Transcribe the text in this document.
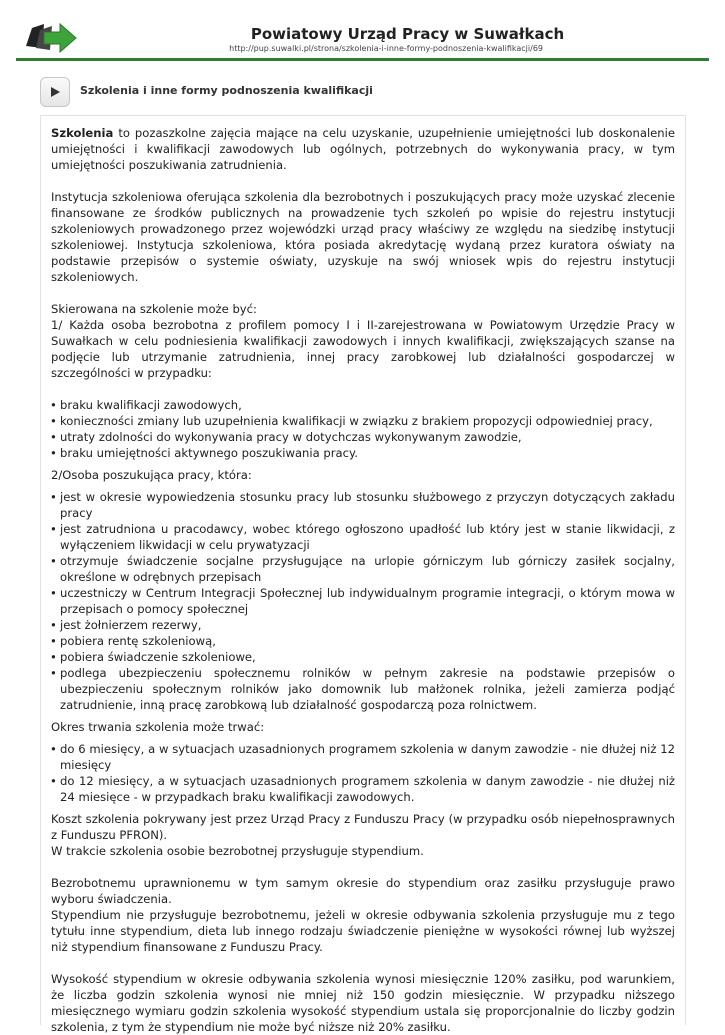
Powiatowy Urząd Pracy w Suwałkach
http://pup.suwalki.pl/strona/szkolenia-i-inne-formy-podnoszenia-kwalifikacji/69
Szkolenia i inne formy podnoszenia kwalifikacji

Szkolenia to pozaszkolne zajęcia mające na celu uzyskanie, uzupełnienie umiejętności lub doskonalenie umiejętności i kwalifikacji zawodowych lub ogólnych, potrzebnych do wykonywania pracy, w tym umiejętności poszukiwania zatrudnienia.

Instytucja szkoleniowa oferująca szkolenia dla bezrobotnych i poszukujących pracy może uzyskać zlecenie finansowane ze środków publicznych na prowadzenie tych szkoleń po wpisie do rejestru instytucji szkoleniowych prowadzonego przez wojewódzki urząd pracy właściwy ze względu na siedzibę instytucji szkoleniowej. Instytucja szkoleniowa, która posiada akredytację wydaną przez kuratora oświaty na podstawie przepisów o systemie oświaty, uzyskuje na swój wniosek wpis do rejestru instytucji szkoleniowych.

Skierowana na szkolenie może być:

1/ Każda osoba bezrobotna z profilem pomocy I i II-zarejestrowana w Powiatowym Urzędzie Pracy w Suwałkach w celu podniesienia kwalifikacji zawodowych i innych kwalifikacji, zwiększających szanse na podjęcie lub utrzymanie zatrudnienia, innej pracy zarobkowej lub działalności gospodarczej w szczególności w przypadku:

• braku kwalifikacji zawodowych,
• konieczności zmiany lub uzupełnienia kwalifikacji w związku z brakiem propozycji odpowiedniej pracy,
• utraty zdolności do wykonywania pracy w dotychczas wykonywanym zawodzie,
• braku umiejętności aktywnego poszukiwania pracy.

2/Osoba poszukująca pracy, która:

• jest w okresie wypowiedzenia stosunku pracy lub stosunku służbowego z przyczyn dotyczących zakładu pracy
• jest zatrudniona u pracodawcy, wobec którego ogłoszono upadłość lub który jest w stanie likwidacji, z wyłączeniem likwidacji w celu prywatyzacji
• otrzymuje świadczenie socjalne przysługujące na urlopie górniczym lub górniczy zasiłek socjalny, określone w odrębnych przepisach
• uczestniczy w Centrum Integracji Społecznej lub indywidualnym programie integracji, o którym mowa w przepisach o pomocy społecznej
• jest żołnierzem rezerwy,
• pobiera rentę szkoleniową,
• pobiera świadczenie szkoleniowe,
• podlega ubezpieczeniu społecznemu rolników w pełnym zakresie na podstawie przepisów o ubezpieczeniu społecznym rolników jako domownik lub małżonek rolnika, jeżeli zamierza podjąć zatrudnienie, inną pracę zarobkową lub działalność gospodarczą poza rolnictwem.

Okres trwania szkolenia może trwać:

• do 6 miesięcy, a w sytuacjach uzasadnionych programem szkolenia w danym zawodzie - nie dłużej niż 12 miesięcy
• do 12 miesięcy, a w sytuacjach uzasadnionych programem szkolenia w danym zawodzie - nie dłużej niż 24 miesięce - w przypadkach braku kwalifikacji zawodowych.

Koszt szkolenia pokrywany jest przez Urząd Pracy z Funduszu Pracy (w przypadku osób niepełnosprawnych z Funduszu PFRON).

W trakcie szkolenia osobie bezrobotnej przysługuje stypendium.

Bezrobotnemu uprawnionemu w tym samym okresie do stypendium oraz zasiłku przysługuje prawo wyboru świadczenia.

Stypendium nie przysługuje bezrobotnemu, jeżeli w okresie odbywania szkolenia przysługuje mu z tego tytułu inne stypendium, dieta lub innego rodzaju świadczenie pieniężne w wysokości równej lub wyższej niż stypendium finansowane z Funduszu Pracy.

Wysokość stypendium w okresie odbywania szkolenia wynosi miesięcznie 120% zasiłku, pod warunkiem, że liczba godzin szkolenia wynosi nie mniej niż 150 godzin miesięcznie. W przypadku niższego miesięcznego wymiaru godzin szkolenia wysokość stypendium ustala się proporcjonalnie do liczby godzin szkolenia, z tym że stypendium nie może być niższe niż 20% zasiłku.
